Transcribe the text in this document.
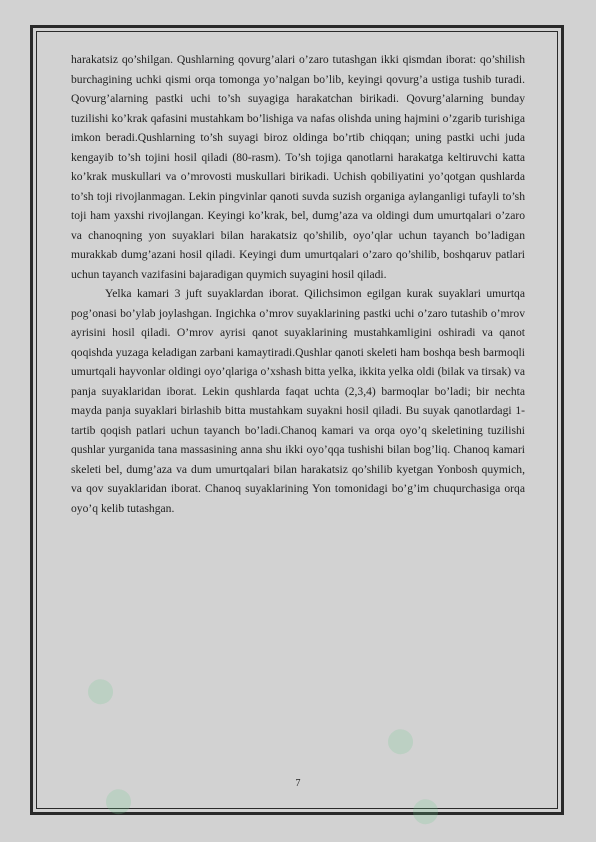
●
●
●
●

harakatsiz qo’shilgan. Qushlarning qovurg’alari o’zaro tutashgan ikki qismdan iborat: qo’shilish burchagining uchki qismi orqa tomonga yo’nalgan bo’lib, keyingi qovurg’a ustiga tushib turadi. Qovurg’alarning pastki uchi to’sh suyagiga harakatchan birikadi. Qovurg’alarning bunday tuzilishi ko’krak qafasini mustahkam bo’lishiga va nafas olishda uning hajmini o’zgarib turishiga imkon beradi.Qushlarning to’sh suyagi biroz oldinga bo’rtib chiqqan; uning pastki uchi juda kengayib to’sh tojini hosil qiladi (80-rasm). To’sh tojiga qanotlarni harakatga keltiruvchi katta ko’krak muskullari va o’mrovosti muskullari birikadi. Uchish qobiliyatini yo’qotgan qushlarda to’sh toji rivojlanmagan. Lekin pingvinlar qanoti suvda suzish organiga aylanganligi tufayli to’sh toji ham yaxshi rivojlangan. Keyingi ko’krak, bel, dumg’aza va oldingi dum umurtqalari o’zaro va chanoqning yon suyaklari bilan harakatsiz qo’shilib, oyo’qlar uchun tayanch bo’ladigan murakkab dumg’azani hosil qiladi. Keyingi dum umurtqalari o’zaro qo’shilib, boshqaruv patlari uchun tayanch vazifasini bajaradigan quymich suyagini hosil qiladi.

Yelka kamari 3 juft suyaklardan iborat. Qilichsimon egilgan kurak suyaklari umurtqa pog’onasi bo’ylab joylashgan. Ingichka o’mrov suyaklarining pastki uchi o’zaro tutashib o’mrov ayrisini hosil qiladi. O’mrov ayrisi qanot suyaklarining mustahkamligini oshiradi va qanot qoqishda yuzaga keladigan zarbani kamaytiradi.Qushlar qanoti skeleti ham boshqa besh barmoqli umurtqali hayvonlar oldingi oyo’qlariga o’xshash bitta yelka, ikkita yelka oldi (bilak va tirsak) va panja suyaklaridan iborat. Lekin qushlarda faqat uchta (2,3,4) barmoqlar bo’ladi; bir nechta mayda panja suyaklari birlashib bitta mustahkam suyakni hosil qiladi. Bu suyak qanotlardagi 1- tartib qoqish patlari uchun tayanch bo’ladi.Chanoq kamari va orqa oyo’q skeletining tuzilishi qushlar yurganida tana massasining anna shu ikki oyo’qqa tushishi bilan bog’liq. Chanoq kamari skeleti bel, dumg’aza va dum umurtqalari bilan harakatsiz qo’shilib kyetgan Yonbosh quymich, va qov suyaklaridan iborat. Chanoq suyaklarining Yon tomonidagi bo’g’im chuqurchasiga orqa oyo’q kelib tutashgan.

7
